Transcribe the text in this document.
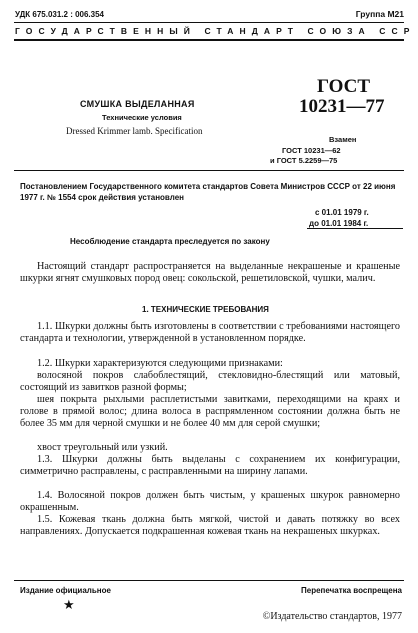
УДК 675.031.2 : 006.354	Группа М21
ГОСУДАРСТВЕННЫЙ СТАНДАРТ СОЮЗА ССР
СМУШКА ВЫДЕЛАННАЯ
Технические условия
Dressed Krimmer lamb. Specification
ГОСТ
10231—77
Взамен
ГОСТ 10231—62
и ГОСТ 5.2259—75
Постановлением Государственного комитета стандартов Совета Министров СССР от 22 июня 1977 г. № 1554 срок действия установлен
с 01.01 1979 г.
до 01.01 1984 г.
Несоблюдение стандарта преследуется по закону
Настоящий стандарт распространяется на выделанные некрашеные и крашеные шкурки ягнят смушковых пород овец: сокольской, решетиловской, чушки, малич.
1. ТЕХНИЧЕСКИЕ ТРЕБОВАНИЯ
1.1. Шкурки должны быть изготовлены в соответствии с требованиями настоящего стандарта и технологии, утвержденной в установленном порядке.
1.2. Шкурки характеризуются следующими признаками:
волосяной покров слабоблестящий, стекловидно-блестящий или матовый, состоящий из завитков разной формы;
шея покрыта рыхлыми расплетистыми завитками, переходящими на краях и голове в прямой волос; длина волоса в распрямленном состоянии должна быть не более 35 мм для черной смушки и не более 40 мм для серой смушки;
хвост треугольный или узкий.
1.3. Шкурки должны быть выделаны с сохранением их конфигурации, симметрично расправлены, с расправленными на ширину лапами.
1.4. Волосяной покров должен быть чистым, у крашеных шкурок равномерно окрашенным.
1.5. Кожевая ткань должна быть мягкой, чистой и давать потяжку во всех направлениях. Допускается подкрашенная кожевая ткань на некрашеных шкурках.
Издание официальное	Перепечатка воспрещена
★
©Издательство стандартов, 1977
